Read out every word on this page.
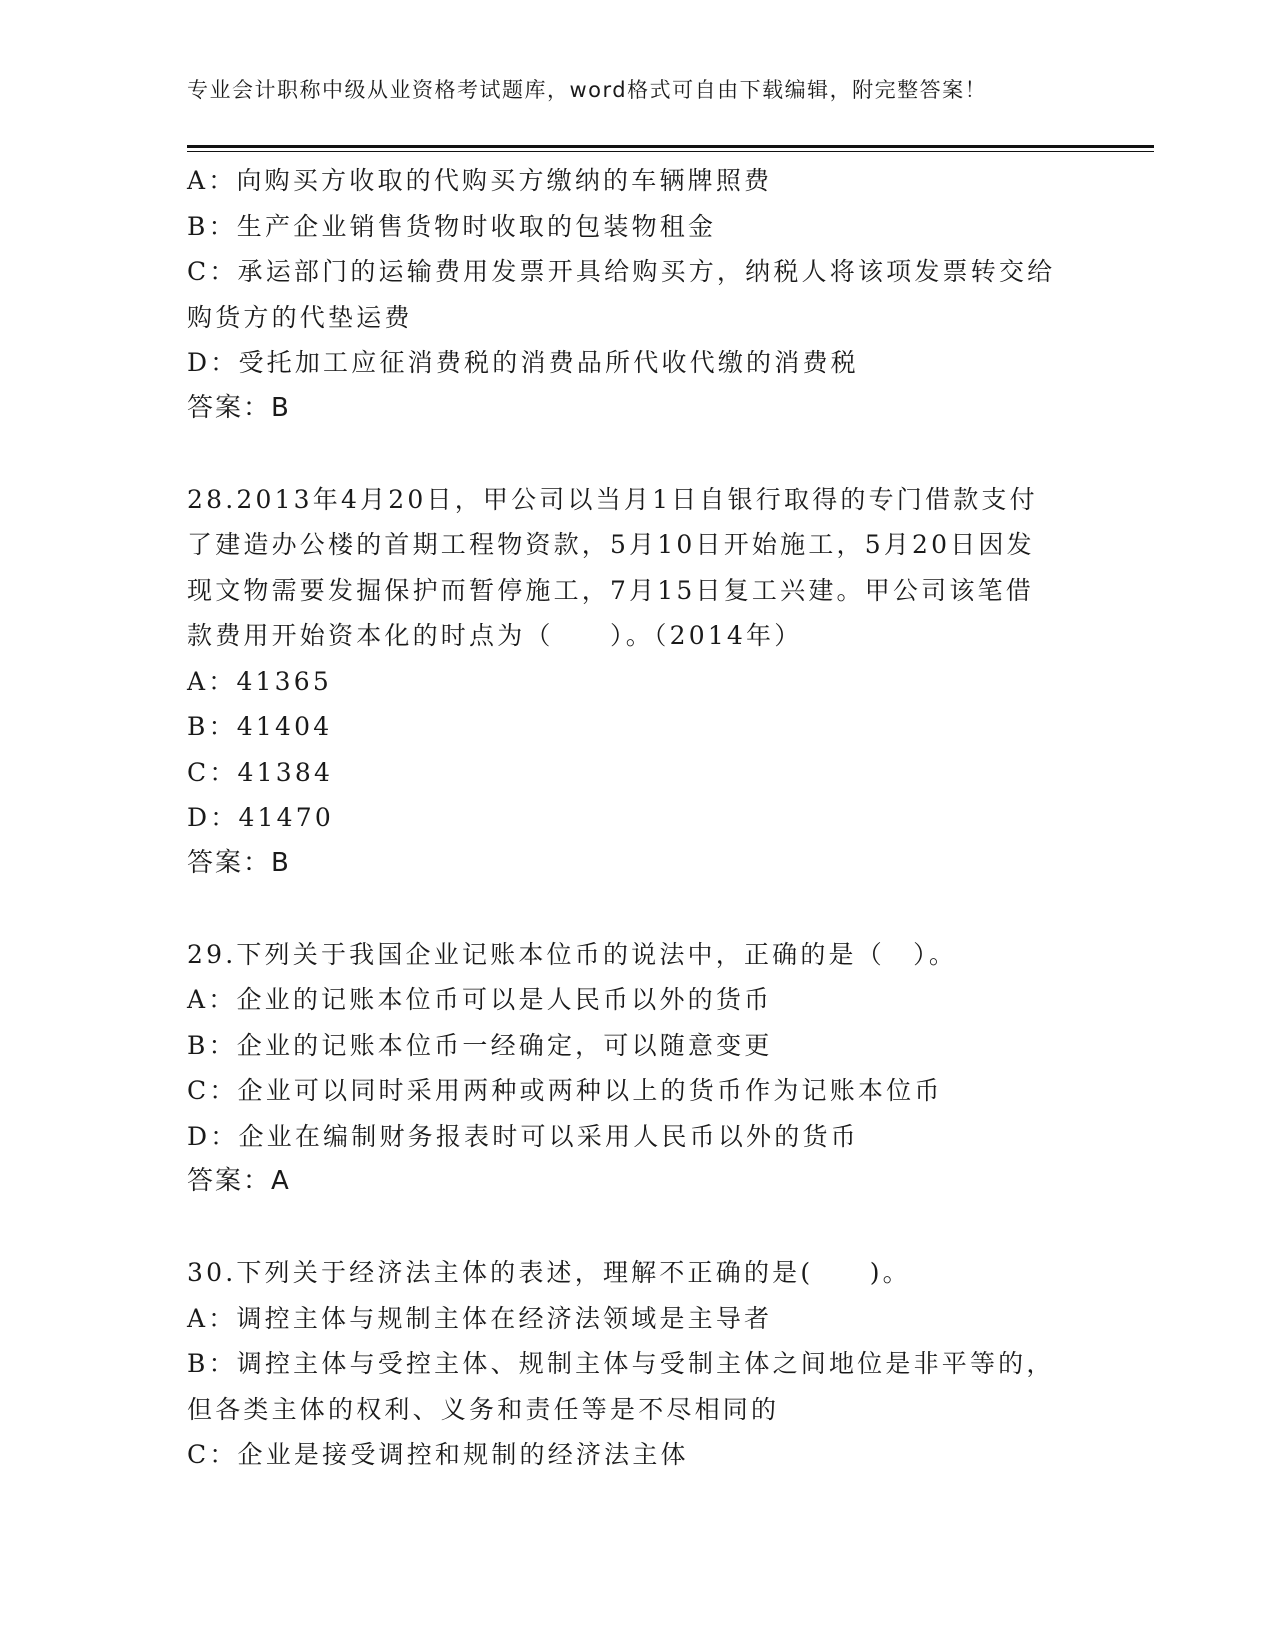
专业会计职称中级从业资格考试题库，word格式可自由下载编辑，附完整答案！
A：向购买方收取的代购买方缴纳的车辆牌照费
B：生产企业销售货物时收取的包装物租金
C：承运部门的运输费用发票开具给购买方，纳税人将该项发票转交给
购货方的代垫运费
D：受托加工应征消费税的消费品所代收代缴的消费税
答案：B
28.2013年4月20日，甲公司以当月1日自银行取得的专门借款支付
了建造办公楼的首期工程物资款，5月10日开始施工，5月20日因发
现文物需要发掘保护而暂停施工，7月15日复工兴建。甲公司该笔借
款费用开始资本化的时点为（　　）。（2014年）
A：41365
B：41404
C：41384
D：41470
答案：B
29.下列关于我国企业记账本位币的说法中，正确的是（　）。
A：企业的记账本位币可以是人民币以外的货币
B：企业的记账本位币一经确定，可以随意变更
C：企业可以同时采用两种或两种以上的货币作为记账本位币
D：企业在编制财务报表时可以采用人民币以外的货币
答案：A
30.下列关于经济法主体的表述，理解不正确的是(　　)。
A：调控主体与规制主体在经济法领域是主导者
B：调控主体与受控主体、规制主体与受制主体之间地位是非平等的，
但各类主体的权利、义务和责任等是不尽相同的
C：企业是接受调控和规制的经济法主体
